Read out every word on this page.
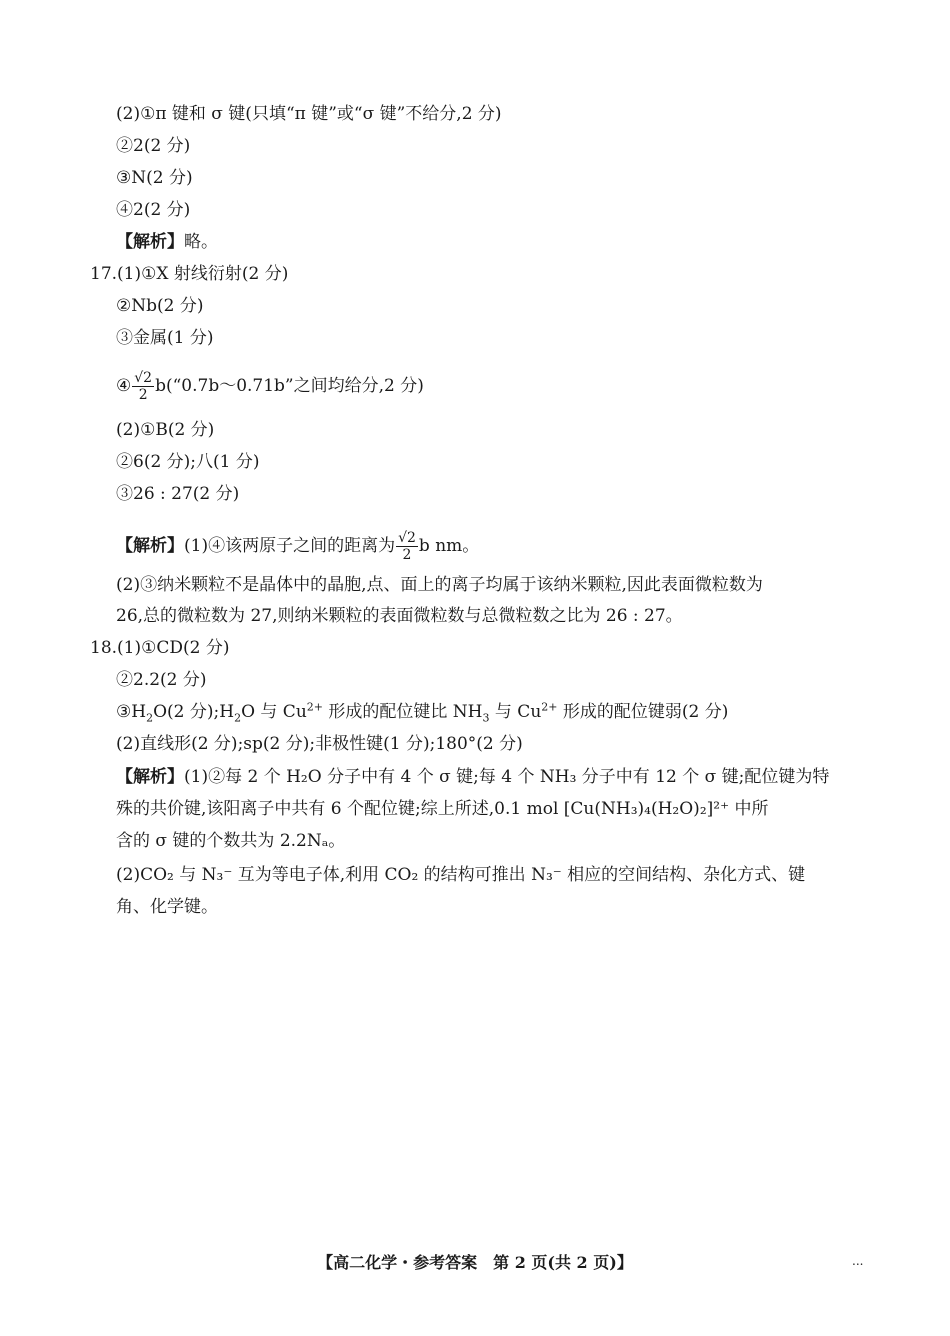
(2)①π 键和 σ 键(只填“π 键”或“σ 键”不给分,2 分)
②2(2 分)
③N(2 分)
④2(2 分)
【解析】略。
17.(1)①X 射线衍射(2 分)
②Nb(2 分)
③金属(1 分)
④ $\frac{√2}{2}$ b(“0.7b～0.71b”之间均给分,2 分)
(2)①B(2 分)
②6(2 分);八(1 分)
③26 : 27(2 分)
【解析】(1)④该两原子之间的距离为 $\frac{√2}{2}$ b nm。
(2)③纳米颗粒不是晶体中的晶胞,点、面上的离子均属于该纳米颗粒,因此表面微粒数为
26,总的微粒数为 27,则纳米颗粒的表面微粒数与总微粒数之比为 26 : 27。
18.(1)①CD(2 分)
②2.2(2 分)
$③H_2O(2$ 分)$;H_2O$ 与 $Cu^{2+}$ 形成的配位键比 $NH_3$ 与 $Cu^{2+}$ 形成的配位键弱(2 分)
(2)直线形(2 分);sp(2 分);非极性键(1 分);180°(2 分)
【解析】(1)②每 2 个 H₂O 分子中有 4 个 σ 键;每 4 个 NH₃ 分子中有 12 个 σ 键;配位键为特
殊的共价键,该阳离子中共有 6 个配位键;综上所述,0.1 mol [Cu(NH₃)₄(H₂O)₂]²⁺ 中所
含的 σ 键的个数共为 2.2Nₐ。
(2)CO₂ 与 N₃⁻ 互为等电子体,利用 CO₂ 的结构可推出 N₃⁻ 相应的空间结构、杂化方式、键
角、化学键。
【高二化学・参考答案　第 2 页(共 2 页)】	...
